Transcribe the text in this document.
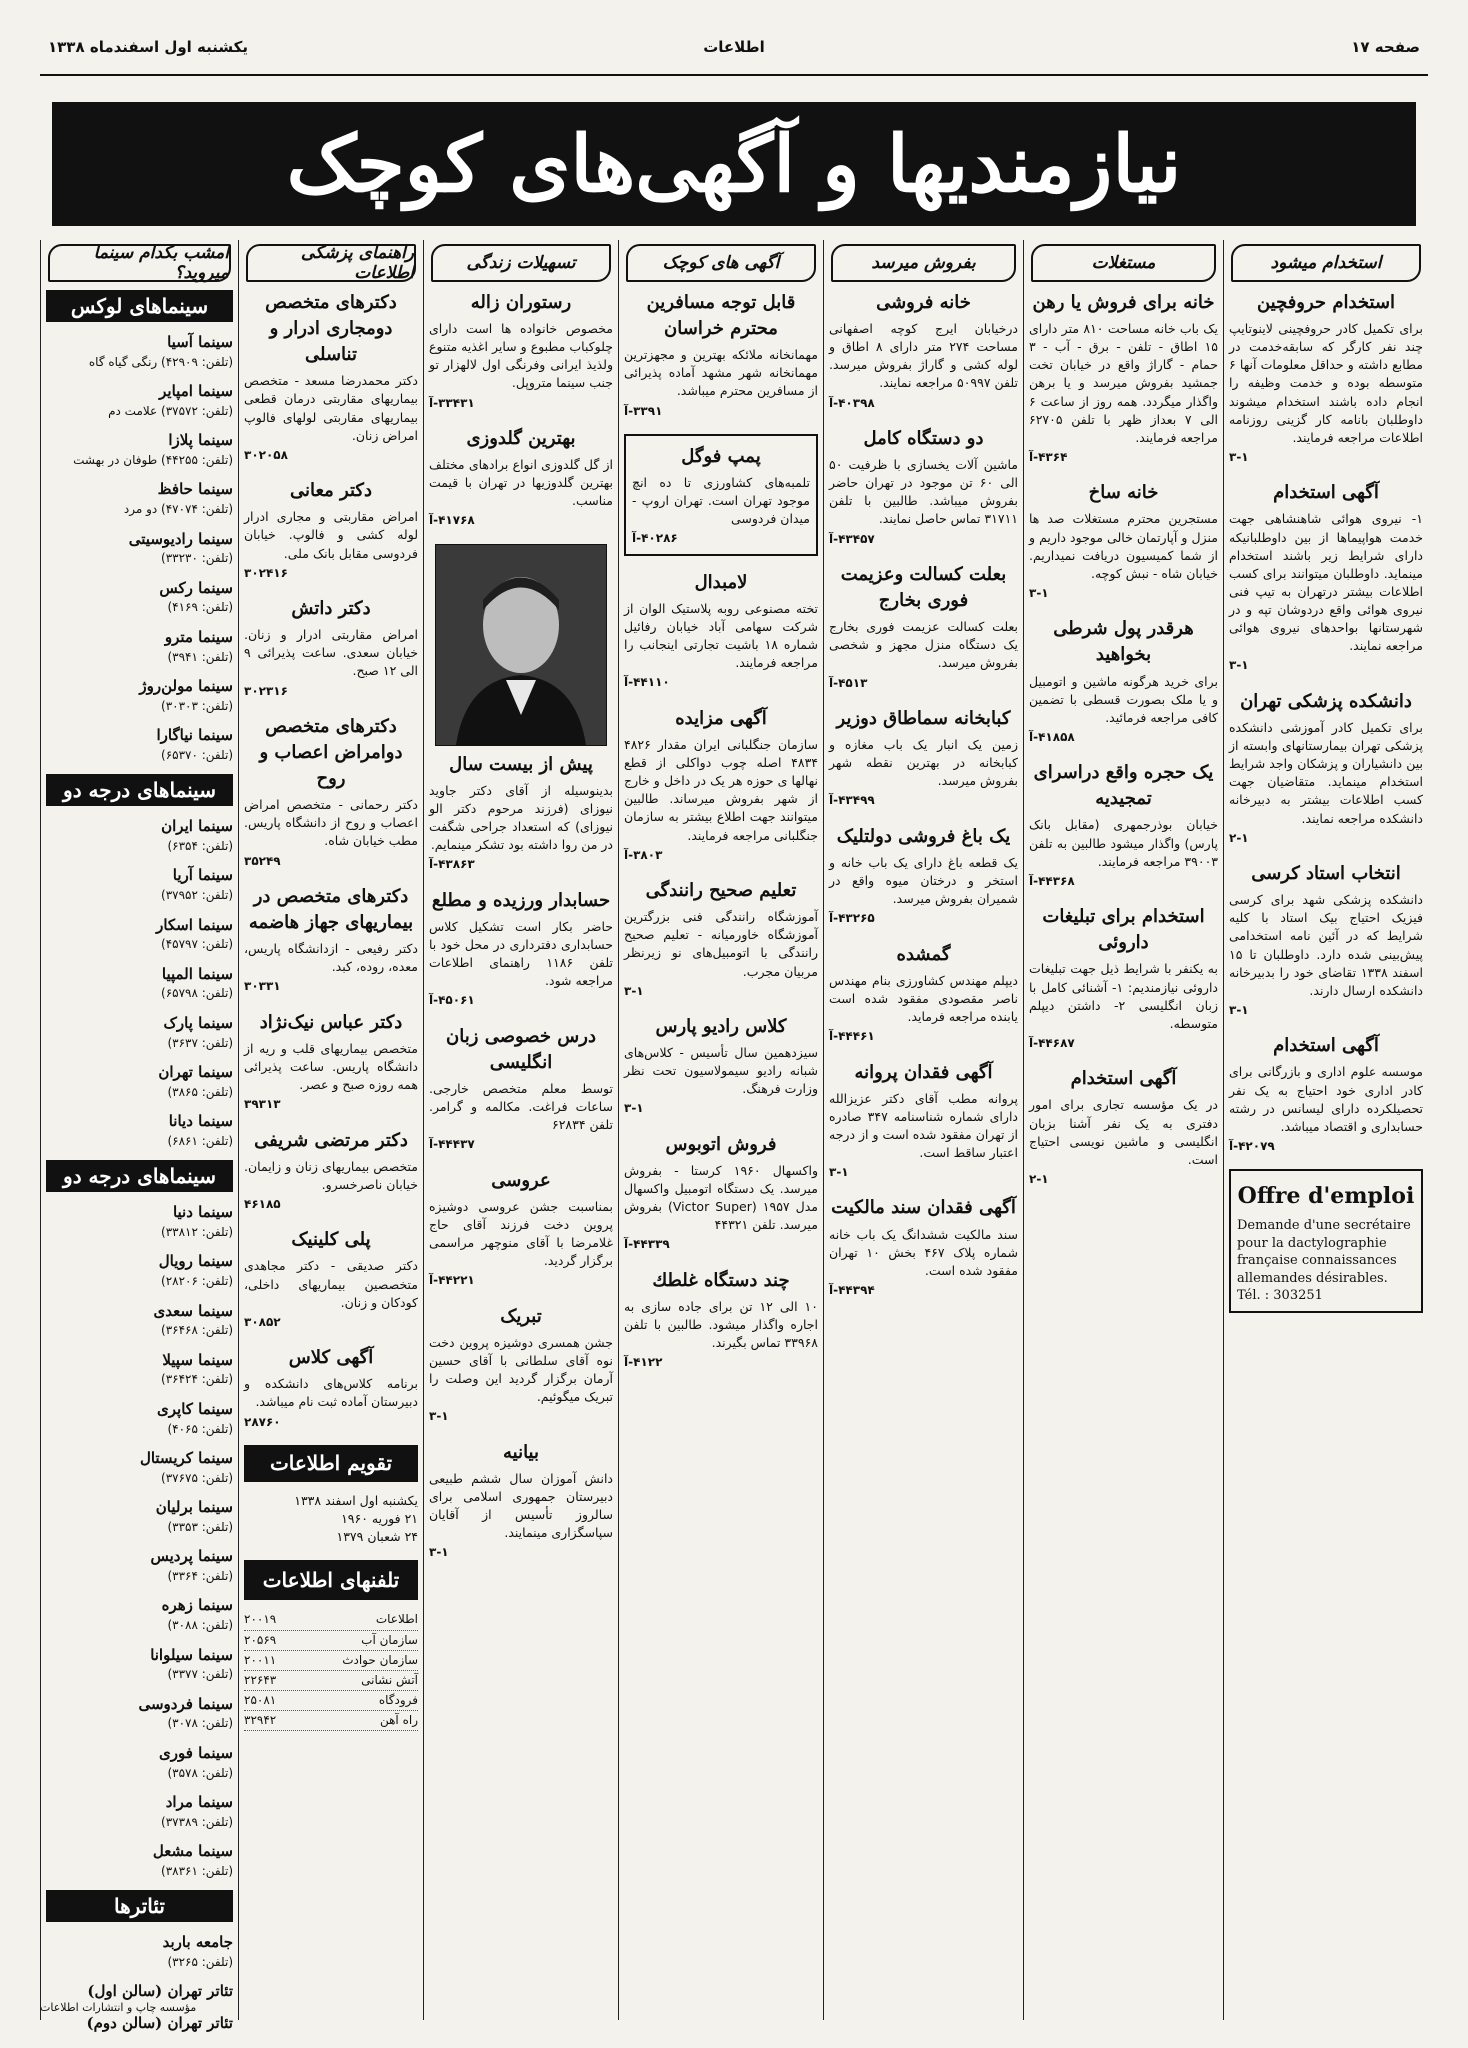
صفحه ۱۷
اطلاعات
یکشنبه اول اسفندماه ۱۳۳۸
نیازمندیها و آگهی‌های کوچک
استخدام میشود
استخدام حروفچین
برای تکمیل کادر حروفچینی لاینوتایپ چند نفر کارگر که سابقه‌خدمت در مطابع داشته و حداقل معلومات آنها ۶ متوسطه بوده و خدمت وظیفه را انجام داده باشند استخدام میشوند داوطلبان بانامه کار گزینی روزنامه اطلاعات مراجعه فرمایند.
۳-۱
آگهی استخدام
۱- نیروی هوائی شاهنشاهی جهت خدمت هواپیماها از بین داوطلبانیکه دارای شرایط زیر باشند استخدام مینماید. داوطلبان میتوانند برای کسب اطلاعات بیشتر درتهران به تیپ فنی نیروی هوائی واقع دردوشان تپه و در شهرستانها بواحدهای نیروی هوائی مراجعه نمایند.
۳-۱
دانشکده پزشکی تهران
برای تکمیل کادر آموزشی دانشکده پزشکی تهران بیمارستانهای وابسته از بین دانشیاران و پزشکان واجد شرایط استخدام مینماید. متقاضیان جهت کسب اطلاعات بیشتر به دبیرخانه دانشکده مراجعه نمایند.
۲-۱
انتخاب استاد کرسی
دانشکده پزشکی شهد برای کرسی فیزیک احتیاج بیک استاد با کلیه شرایط که در آئین نامه استخدامی پیش‌بینی شده دارد. داوطلبان تا ۱۵ اسفند ۱۳۳۸ تقاضای خود را بدبیرخانه دانشکده ارسال دارند.
۳-۱
آگهی استخدام
موسسه علوم اداری و بازرگانی برای کادر اداری خود احتیاج به یک نفر تحصیلکرده دارای لیسانس در رشته حسابداری و اقتصاد میباشد.
۴۲۰۷۹-آ
Offre d'emploi

Demande d'une secrétaire pour la dactylographie française connaissances allemandes désirables. Tél. : 303251

مستغلات
خانه برای فروش یا رهن
یک باب خانه مساحت ۸۱۰ متر دارای ۱۵ اطاق - تلفن - برق - آب - ۳ حمام - گاراژ واقع در خیابان تخت جمشید بفروش میرسد و یا برهن واگذار میگردد. همه روز از ساعت ۶ الی ۷ بعداز ظهر با تلفن ۶۲۷۰۵ مراجعه فرمایند.
۴۳۶۴-آ
خانه ساخ
مستجرین محترم مستغلات صد ها منزل و آپارتمان خالی موجود داریم و از شما کمیسیون دریافت نمیداریم. خیابان شاه - نبش کوچه.
۳-۱
هرقدر پول شرطی بخواهید
برای خرید هرگونه ماشین و اتومبیل و یا ملک بصورت قسطی با تضمین کافی مراجعه فرمائید.
۴۱۸۵۸-آ
یک حجره واقع دراسرای تمجیدیه
خیابان بوذرجمهری (مقابل بانک پارس) واگذار میشود طالبین به تلفن ۳۹۰۰۳ مراجعه فرمایند.
۴۴۳۶۸-آ
استخدام برای تبلیغات داروئی
به یکنفر با شرایط ذیل جهت تبلیغات داروئی نیازمندیم: ۱- آشنائی کامل با زبان انگلیسی ۲- داشتن دیپلم متوسطه.
۴۴۶۸۷-آ
آگهی استخدام
در یک مؤسسه تجاری برای امور دفتری به یک نفر آشنا بزبان انگلیسی و ماشین نویسی احتیاج است.
۲-۱
بفروش میرسد
خانه فروشی
درخیابان ایرج کوچه اصفهانی مساحت ۲۷۴ متر دارای ۸ اطاق و لوله کشی و گاراژ بفروش میرسد. تلفن ۵۰۹۹۷ مراجعه نمایند.
۴۰۳۹۸-آ
دو دستگاه کامل
ماشین آلات یخسازی با ظرفیت ۵۰ الی ۶۰ تن موجود در تهران حاضر بفروش میباشد. طالبین با تلفن ۳۱۷۱۱ تماس حاصل نمایند.
۴۳۴۵۷-آ
بعلت کسالت وعزیمت فوری بخارج
بعلت کسالت عزیمت فوری بخارج یک دستگاه منزل مجهز و شخصی بفروش میرسد.
۴۵۱۳-آ
کبابخانه سماطاق دوزیر
زمین یک انبار یک باب مغازه و کبابخانه در بهترین نقطه شهر بفروش میرسد.
۴۳۴۹۹-آ
یک باغ فروشی دولتلیک
یک قطعه باغ دارای یک باب خانه و استخر و درختان میوه واقع در شمیران بفروش میرسد.
۴۳۲۶۵-آ
گمشده
دیپلم مهندس کشاورزی بنام مهندس ناصر مقصودی مفقود شده است یابنده مراجعه فرماید.
۴۴۴۶۱-آ
آگهی فقدان پروانه
پروانه مطب آقای دکتر عزیزالله دارای شماره شناسنامه ۳۴۷ صادره از تهران مفقود شده است و از درجه اعتبار ساقط است.
۳-۱
آگهی فقدان سند مالکیت
سند مالکیت ششدانگ یک باب خانه شماره پلاک ۴۶۷ بخش ۱۰ تهران مفقود شده است.
۴۴۳۹۴-آ
آگهی های کوچک
قابل توجه مسافرین محترم خراسان
مهمانخانه ملائکه بهترین و مجهزترین مهمانخانه شهر مشهد آماده پذیرائی از مسافرین محترم میباشد.
۳۳۹۱-آ
پمپ فوگل
تلمبه‌های کشاورزی تا ده انچ موجود تهران است. تهران اروپ - میدان فردوسی
۴۰۲۸۶-آ
لامبدال
تخته مصنوعی روبه پلاستیک الوان از شرکت سهامی آباد خیابان رفائیل شماره ۱۸ باشیت تجارتی اینجانب را مراجعه فرمایند.
۴۴۱۱۰-آ
آگهی مزایده
سازمان جنگلبانی ایران مقدار ۴۸۲۶ ۴۸۳۴ اصله چوب دواکلی از قطع نهالها ی حوزه هر یک در داخل و خارج از شهر بفروش میرساند. طالبین میتوانند جهت اطلاع بیشتر به سازمان جنگلبانی مراجعه فرمایند.
۳۸۰۳-آ
تعلیم صحیح رانندگی
آموزشگاه رانندگی فنی بزرگترین آموزشگاه خاورمیانه - تعلیم صحیح رانندگی با اتومبیل‌های نو زیرنظر مربیان مجرب.
۳-۱
کلاس رادیو پارس
سیزدهمین سال تأسیس - کلاس‌های شبانه رادیو سیمولاسیون تحت نظر وزارت فرهنگ.
۳-۱
فروش اتوبوس
واکسهال ۱۹۶۰ کرستا - بفروش میرسد. یک دستگاه اتومبیل واکسهال مدل ۱۹۵۷ (Victor Super) بفروش میرسد. تلفن ۴۴۳۲۱
۴۴۳۳۹-آ
چند دستگاه غلطك
۱۰ الی ۱۲ تن برای جاده سازی به اجاره واگذار میشود. طالبین با تلفن ۳۳۹۶۸ تماس بگیرند.
۴۱۲۲-آ
تسهیلات زندگی
رستوران زاله
مخصوص خانواده ها است دارای چلوکباب مطبوع و سایر اغذیه متنوع ولذیذ ایرانی وفرنگی اول لالهزار تو جنب سینما متروپل.
۳۳۴۳۱-آ
بهترین گلدوزی
از گل گلدوزی انواع برادهای مختلف بهترین گلدوزیها در تهران با قیمت مناسب.
۴۱۷۶۸-آ
پیش از بیست سال
بدینوسیله از آقای دکتر جاوید نیوزای (فرزند مرحوم دکتر الو نیوزای) که استعداد جراحی شگفت در من روا داشته بود تشکر مینمایم.
۴۳۸۶۳-آ
حسابدار ورزیده و مطلع
حاضر بکار است تشکیل کلاس حسابداری دفترداری در محل خود با تلفن ۱۱۸۶ راهنمای اطلاعات مراجعه شود.
۴۵۰۶۱-آ
درس خصوصی زبان انگلیسی
توسط معلم متخصص خارجی. ساعات فراغت. مکالمه و گرامر. تلفن ۶۲۸۳۴
۴۴۴۳۷-آ
عروسی
بمناسبت جشن عروسی دوشیزه پروین دخت فرزند آقای حاج غلامرضا با آقای منوچهر مراسمی برگزار گردید.
۴۴۲۲۱-آ
تبریک
جشن همسری دوشیزه پروین دخت نوه آقای سلطانی با آقای حسین آرمان برگزار گردید این وصلت را تبریک میگوئیم.
۳-۱
بیانیه
دانش آموزان سال ششم طبیعی دبیرستان جمهوری اسلامی برای سالروز تأسیس از آقایان سپاسگزاری مینمایند.
۳-۱
راهنمای پزشکی اطلاعات
دکترهای متخصص دومجاری ادرار و تناسلی
دکتر محمدرضا مسعد - متخصص بیماریهای مقاربتی درمان قطعی بیماریهای مقاربتی لولهای فالوپ امراض زنان.
۳۰۲۰۵۸
دکتر معانی
امراض مقاربتی و مجاری ادرار لوله کشی و فالوپ. خیابان فردوسی مقابل بانک ملی.
۳۰۲۴۱۶
دکتر داتش
امراض مقاربتی ادرار و زنان. خیابان سعدی. ساعت پذیرائی ۹ الی ۱۲ صبح.
۳۰۲۳۱۶
دکترهای متخصص دوامراض اعصاب و روح
دکتر رحمانی - متخصص امراض اعصاب و روح از دانشگاه پاریس. مطب خیابان شاه.
۳۵۲۴۹
دکترهای متخصص در بیماریهای جهاز هاضمه
دکتر رفیعی - ازدانشگاه پاریس، معده، روده، کبد.
۳۰۳۳۱
دکتر عباس نیک‌نژاد
متخصص بیماریهای قلب و ریه از دانشگاه پاریس. ساعت پذیرائی همه روزه صبح و عصر.
۳۹۳۱۳
دکتر مرتضی شریفی
متخصص بیماریهای زنان و زایمان. خیابان ناصرخسرو.
۴۶۱۸۵
پلی کلینیک
دکتر صدیقی - دکتر مجاهدی متخصصین بیماریهای داخلی، کودکان و زنان.
۳۰۸۵۲
آگهی کلاس
برنامه کلاس‌های دانشکده و دبیرستان آماده ثبت نام میباشد.
۲۸۷۶۰
تقویم اطلاعات
یکشنبه اول اسفند ۱۳۳۸
۲۱ فوریه ۱۹۶۰
۲۴ شعبان ۱۳۷۹
تلفنهای اطلاعات
اطلاعات
۲۰۰۱۹
سازمان آب
۲۰۵۶۹
سازمان حوادث
۲۰۰۱۱
آتش نشانی
۲۲۶۴۳
فرودگاه
۲۵۰۸۱
راه آهن
۳۲۹۴۲
امشب بکدام سینما میروید؟
سینماهای لوکس
سینما آسیا
(تلفن: ۴۲۹۰۹) رنگی گیاه گاه
سینما امپایر
(تلفن: ۳۷۵۷۲) علامت دم
سینما پلازا
(تلفن: ۴۴۲۵۵) طوفان در بهشت
سینما حافظ
(تلفن: ۴۷۰۷۴) دو مرد
سینما رادیوسیتی
(تلفن: ۳۳۲۳۰)
سینما رکس
(تلفن: ۴۱۶۹)
سینما مترو
(تلفن: ۳۹۴۱)
سینما مولن‌روژ
(تلفن: ۳۰۳۰۳)
سینما نیاگارا
(تلفن: ۶۵۳۷۰)
سینماهای درجه دو
سینما ایران
(تلفن: ۶۳۵۴)
سینما آریا
(تلفن: ۳۷۹۵۲)
سینما اسکار
(تلفن: ۴۵۷۹۷)
سینما المپیا
(تلفن: ۶۵۷۹۸)
سینما پارک
(تلفن: ۳۶۳۷)
سینما تهران
(تلفن: ۳۸۶۵)
سینما دیانا
(تلفن: ۶۸۶۱)
سینماهای درجه دو
سینما دنیا
(تلفن: ۳۳۸۱۲)
سینما رویال
(تلفن: ۲۸۲۰۶)
سینما سعدی
(تلفن: ۳۶۴۶۸)
سینما سپیلا
(تلفن: ۳۶۴۲۴)
سینما کاپری
(تلفن: ۴۰۶۵)
سینما کریستال
(تلفن: ۳۷۶۷۵)
سینما برلیان
(تلفن: ۳۳۵۳)
سینما پردیس
(تلفن: ۳۳۶۴)
سینما زهره
(تلفن: ۳۰۸۸)
سینما سیلوانا
(تلفن: ۳۳۷۷)
سینما فردوسی
(تلفن: ۳۰۷۸)
سینما فوری
(تلفن: ۳۵۷۸)
سینما مراد
(تلفن: ۳۷۳۸۹)
سینما مشعل
(تلفن: ۳۸۳۶۱)
تئاترها
جامعه باربد
(تلفن: ۳۲۶۵)
تئاتر تهران (سالن اول)
تئاتر تهران (سالن دوم)
مؤسسه چاپ و انتشارات اطلاعات
